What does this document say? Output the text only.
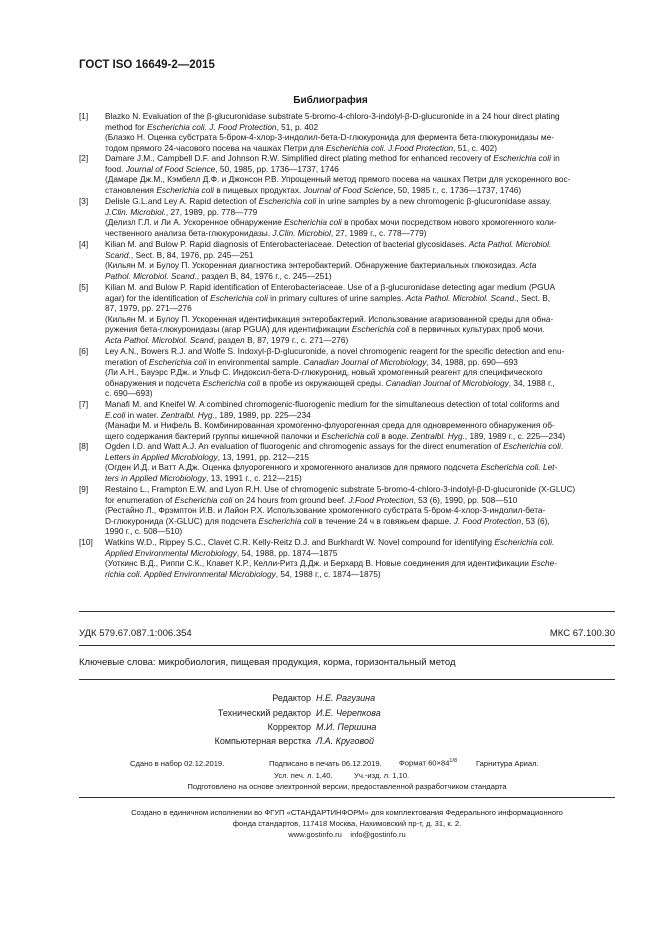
ГОСТ ISO 16649-2—2015
Библиография
[1] Blazko N. Evaluation of the β-glucuronidase substrate 5-bromo-4-chloro-3-indolyl-β-D-glucuronide in a 24 hour direct plating
method for Escherichia coli. J. Food Protection, 51, p. 402
(Блазко Н. Оценка субстрата 5-бром-4-хлор-3-индолил-бета-D-глюкуронида для фермента бета-глюкуронидазы ме-
тодом прямого 24-часового посева на чашках Петри для Escherichia coli. J.Food Protection, 51, c. 402)
[2] Damare J.M., Campbell D.F. and Johnson R.W. Simplified direct plating method for enhanced recovery of Escherichia coli in
food. Journal of Food Science, 50, 1985, pp. 1736—1737, 1746
(Дамаре Дж.М., Кэмбелл Д.Ф. и Джонсон Р.В. Упрощенный метод прямого посева на чашках Петри для ускоренного вос-
становления Escherichia coli в пищевых продуктах. Journal of Food Science, 50, 1985 г., с. 1736—1737, 1746)
[3] Delisle G.L.and Ley A. Rapid detection of Escherichia coli in urine samples by a new chromogenic β-glucuronidase assay.
J.Clin. Microbiol., 27, 1989, pp. 778—779
(Делизл Г.Л. и Ли А. Ускоренное обнаружение Escherichia coli в пробах мочи посредством нового хромогенного коли-
чественного анализа бета-глюкуронидазы. J.Clin. Microbiol, 27, 1989 г., с. 778—779)
[4] Kilian M. and Bulow P. Rapid diagnosis of Enterobacteriaceae. Detection of bacterial glycosidases. Acta Pathol. Microbiol.
Scand., Sect. B, 84, 1976, pp. 245—251
(Кильян М. и Булоу П. Ускоренная диагностика энтеробактерий. Обнаружение бактериальных глюкозидаз. Acta
Pathol. Microbiol. Scand., раздел В, 84, 1976 г., с. 245—251)
[5] Kilian M. and Bulow P. Rapid identification of Enterobacteriaceae. Use of a β-glucuronidase detecting agar medium (PGUA
agar) for the identification of Escherichia coli in primary cultures of urine samples. Acta Pathol. Microbiol. Scand., Sect. B,
87, 1979, pp. 271—276
(Кильян М. и Булоу П. Ускоренная идентификация энтеробактерий. Использование агаризованной среды для обна-
ружения бета-глюкуронидазы (агар PGUA) для идентификации Escherichia coli в первичных культурах проб мочи.
Acta Pathol. Microbiol. Scand, раздел В, 87, 1979 г., с. 271—276)
[6] Ley A.N., Bowers R.J. and Wolfe S. Indoxyl-β-D-glucuronide, a novel chromogenic reagent for the specific detection and enu-
meration of Escherichia coli in environmental sample. Canadian Journal of Microbiology, 34, 1988, pp. 690—693
(Ли А.Н., Бауэрс Р.Дж. и Ульф С. Индоксил-бета-D-глюкуронид, новый хромогенный реагент для специфического
обнаружения и подсчета Escherichia coli в пробе из окружающей среды. Canadian Journal of Microbiology, 34, 1988 г.,
с. 690—693)
[7] Manafi M. and Kneifel W. A combined chromogenic-fluorogenic medium for the simultaneous detection of total coliforms and
E.coli in water. Zentralbl. Hyg., 189, 1989, pp. 225—234
(Манафи М. и Нифель В. Комбинированная хромогенно-флуорогенная среда для одновременного обнаружения об-
щего содержания бактерий группы кишечной палочки и Escherichia coli в воде. Zentralbl. Hyg., 189, 1989 г., с. 225—234)
[8] Ogden I.D. and Watt A.J. An evaluation of fluorogenic and chromogenic assays for the direct enumeration of Escherichia coli.
Letters in Applied Microbiology, 13, 1991, pp. 212—215
(Огден И.Д. и Ватт А.Дж. Оценка флуорогенного и хромогенного анализов для прямого подсчета Escherichia coli. Let-
ters in Applied Microbiology, 13, 1991 г., с. 212—215)
[9] Restaino L., Frampton E.W. and Lyon R.H. Use of chromogenic substrate 5-bromo-4-chloro-3-indolyl-β-D-glucuronide (X-GLUC)
for enumeration of Escherichia coli on 24 hours from ground beef. J.Food Protection, 53 (6), 1990, pp. 508—510
(Рестайно Л., Фрэмптон И.В. и Лайон Р.Х. Использование хромогенного субстрата 5-бром-4-хлор-3-индолил-бета-
D-глюкуронида (X-GLUC) для подсчета Escherichia coli в течение 24 ч в говяжьем фарше. J. Food Protection, 53 (6),
1990 г., с. 508—510)
[10] Watkins W.D., Rippey S.C., Clavet C.R. Kelly-Reitz D.J. and Burkhardt W. Novel compound for identifying Escherichia coli.
Applied Environmental Microbiology, 54, 1988, pp. 1874—1875
(Уоткинс В.Д., Риппи С.К., Клавет К.Р., Келли-Ритз Д.Дж. и Берхард В. Новые соединения для идентификации Esche-
richia coli. Applied Environmental Microbiology, 54, 1988 г., с. 1874—1875)
УДК 579.67.087.1:006.354	МКС 67.100.30
Ключевые слова: микробиология, пищевая продукция, корма, горизонтальный метод
Редактор Н.Е. Рагузина
Технический редактор И.Е. Черепкова
Корректор М.И. Першина
Компьютерная верстка Л.А. Круговой
Сдано в набор 02.12.2019.	Подписано в печать 06.12.2019. Формат $60\times 84^{1/8}$ Гарнитура Ариал.
Усл. печ. л. 1,40.	Уч.-изд. л. 1,10.
Подготовлено на основе электронной версии, предоставленной разработчиком стандарта
Создано в единичном исполнении во ФГУП «СТАНДАРТИНФОРМ» для комплектования Федерального информационного
фонда стандартов, 117418 Москва, Нахимовский пр-т, д. 31, к. 2.
www.gostinfo.ru info@gostinfo.ru
